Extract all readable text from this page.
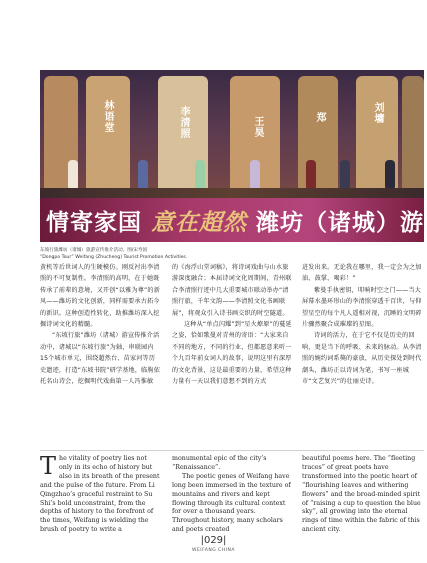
林语堂	李清照	王昊	郑	刘墉
情寄家国 意在超然 潍坊（诸城）游
东坡行旅潍坊（诸城）旅游宣传推介活动。图/宋寿国
“Dongpo Tour” Weifang (Zhucheng) Tourist Promotion Activities.

黄机等后世词人的生硬模仿。刚反衬出李清照的不可复制性。李清照的高明，在于她既传承了前辈的意境，又开创“以雅为尊”的新风——潍坊的文化创新，同样需要承古拓今的新识。这种创造性转化，助推潍坊深入挖掘诗词文化的精髓。

“东坡行旅”潍坊（诸城）游宣传推介活动中，诸城以“东坡行旅”为轴，串联园内15个城市单元，围绕超然台、苗家河等历史遗迹，打造“东坡书院”研学基地，临朐依托名山诗会，挖掘明代戏曲第一人冯惟敏

的《海浮山堂词稿》，将诗词戏曲与山水旅游深度融合；本届诗词文化周期间，青州联合李清照行迹中几大重要城市联动举办“清照行旅，千年文韵——李清照文化书画联展”，将观众引入诗书画交织的时空隧道。

这种从“单点闪耀”到“星火燎原”的蔓延之姿，恰如歌曼对青州的寄语：“大家来自不同的地方，不同的行业，但都愿意来听一个九百年前女词人的故事，说明这里有深厚的文化背景，这是最重要的力量，希望这种力量有一天以我们意想不到的方式

迸发出来。无论我在哪里，我一定会为之加油、鼓掌、喝彩！”

紫曼手执密钥，叩响时空之门——当大屏幕水墨环形山的李清照穿透千百世，与仰望星空的每个凡人遥相对视，沉睡的文明碎片骤然聚合成璀璨的星图。

诗词的活力，在于它不仅是历史的回响，更是当下的呼吸、未来的脉动。从李清照的婉约词系獒的豪放，从历史探处到时代潮头，潍坊正以诗词为笔，书写一座城市“文艺复兴”的壮丽史诗。

The vitality of poetry lies not only in its echo of history but also in its breath of the present and the pulse of the future. From Li Qingzhao’s graceful restraint to Su Shi’s bold unconstraint, from the depths of history to the forefront of the times, Weifang is wielding the brush of poetry to write a

monumental epic of the city’s “Renaissance”.

The poetic genes of Weifang have long been immersed in the texture of mountains and rivers and kept flowing through its cultural context for over a thousand years. Throughout history, many scholars and poets created

beautiful poems here. The “fleeting traces” of great poets have transformed into the poetic heart of “flourishing leaves and withering flowers” and the broad-minded spirit of “raising a cup to question the blue sky”, all growing into the eternal rings of time within the fabric of this ancient city.

|029|
WEIFANG CHINA
